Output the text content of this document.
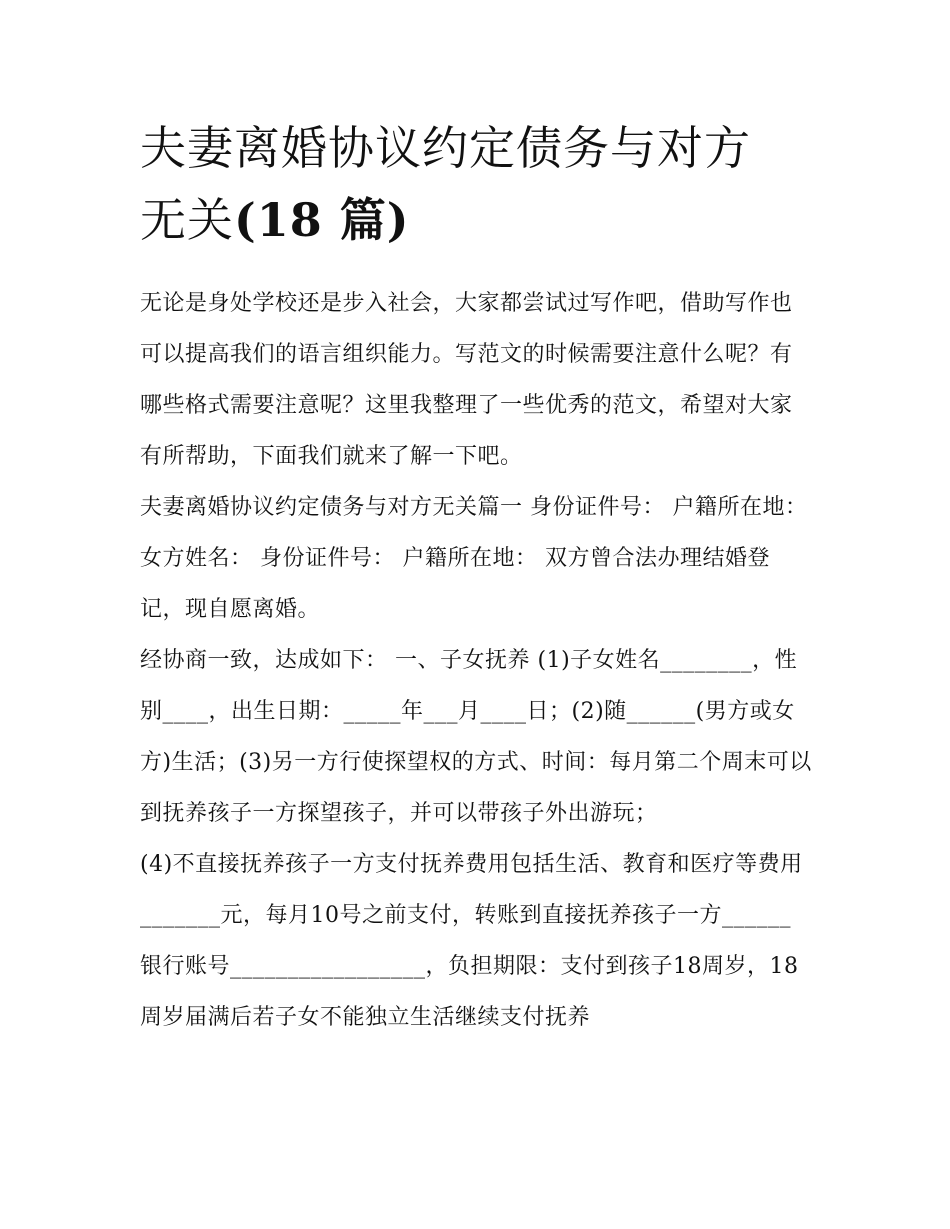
夫妻离婚协议约定债务与对方
无关(18 篇)

无论是身处学校还是步入社会，大家都尝试过写作吧，借助写作也可以提高我们的语言组织能力。写范文的时候需要注意什么呢？有哪些格式需要注意呢？这里我整理了一些优秀的范文，希望对大家有所帮助，下面我们就来了解一下吧。

夫妻离婚协议约定债务与对方无关篇一 身份证件号： 户籍所在地： 女方姓名： 身份证件号： 户籍所在地： 双方曾合法办理结婚登记，现自愿离婚。

经协商一致，达成如下： 一、子女抚养 (1)子女姓名________，性别____，出生日期：_____年___月____日；(2)随______(男方或女方)生活；(3)另一方行使探望权的方式、时间：每月第二个周末可以到抚养孩子一方探望孩子，并可以带孩子外出游玩；

(4)不直接抚养孩子一方支付抚养费用包括生活、教育和医疗等费用_______元，每月10号之前支付，转账到直接抚养孩子一方______银行账号_________________，负担期限：支付到孩子18周岁，18周岁届满后若子女不能独立生活继续支付抚养
